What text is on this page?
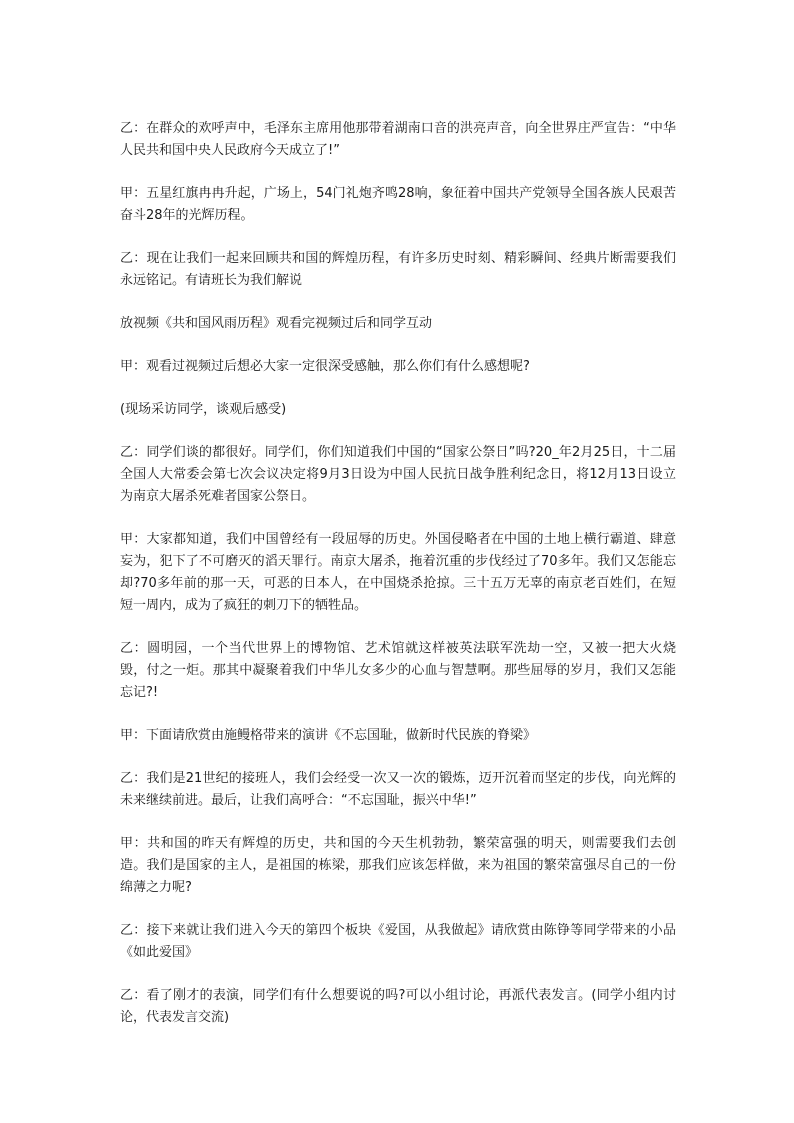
乙：在群众的欢呼声中，毛泽东主席用他那带着湖南口音的洪亮声音，向全世界庄严宣告：“中华人民共和国中央人民政府今天成立了!”

甲：五星红旗冉冉升起，广场上，54门礼炮齐鸣28响，象征着中国共产党领导全国各族人民艰苦奋斗28年的光辉历程。

乙：现在让我们一起来回顾共和国的辉煌历程，有许多历史时刻、精彩瞬间、经典片断需要我们永远铭记。有请班长为我们解说

放视频《共和国风雨历程》观看完视频过后和同学互动

甲：观看过视频过后想必大家一定很深受感触，那么你们有什么感想呢?

(现场采访同学，谈观后感受)

乙：同学们谈的都很好。同学们，你们知道我们中国的“国家公祭日”吗?20_年2月25日，十二届全国人大常委会第七次会议决定将9月3日设为中国人民抗日战争胜利纪念日，将12月13日设立为南京大屠杀死难者国家公祭日。

甲：大家都知道，我们中国曾经有一段屈辱的历史。外国侵略者在中国的土地上横行霸道、肆意妄为，犯下了不可磨灭的滔天罪行。南京大屠杀，拖着沉重的步伐经过了70多年。我们又怎能忘却?70多年前的那一天，可恶的日本人，在中国烧杀抢掠。三十五万无辜的南京老百姓们，在短短一周内，成为了疯狂的刺刀下的牺牲品。

乙：圆明园，一个当代世界上的博物馆、艺术馆就这样被英法联军洗劫一空，又被一把大火烧毁，付之一炬。那其中凝聚着我们中华儿女多少的心血与智慧啊。那些屈辱的岁月，我们又怎能忘记?!

甲：下面请欣赏由施鳗格带来的演讲《不忘国耻，做新时代民族的脊梁》

乙：我们是21世纪的接班人，我们会经受一次又一次的锻炼，迈开沉着而坚定的步伐，向光辉的未来继续前进。最后，让我们高呼合：“不忘国耻，振兴中华!”

甲：共和国的昨天有辉煌的历史，共和国的今天生机勃勃，繁荣富强的明天，则需要我们去创造。我们是国家的主人，是祖国的栋梁，那我们应该怎样做，来为祖国的繁荣富强尽自己的一份绵薄之力呢?

乙：接下来就让我们进入今天的第四个板块《爱国，从我做起》请欣赏由陈铮等同学带来的小品《如此爱国》

乙：看了刚才的表演，同学们有什么想要说的吗?可以小组讨论，再派代表发言。(同学小组内讨论，代表发言交流)
